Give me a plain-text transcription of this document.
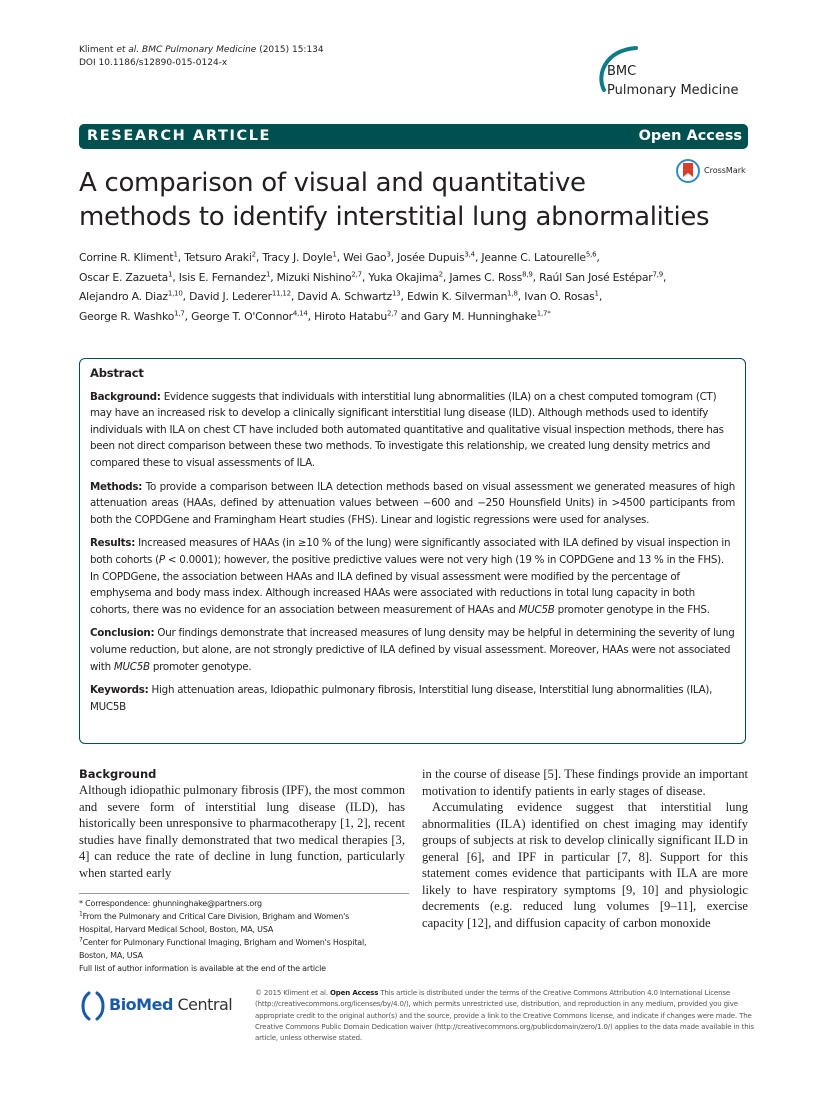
Kliment et al. BMC Pulmonary Medicine (2015) 15:134
DOI 10.1186/s12890-015-0124-x
BMC
Pulmonary Medicine
RESEARCH ARTICLE	Open Access
CrossMark
A comparison of visual and quantitative
methods to identify interstitial lung abnormalities
Corrine R. Kliment$^1$, Tetsuro Araki$^2$, Tracy J. Doyle$^1$, Wei Gao$^3$, Josée Dupuis$^{3,4}$, Jeanne C. Latourelle$^{5,6}$,
Oscar E. Zazueta$^1$, Isis E. Fernandez$^1$, Mizuki Nishino$^{2,7}$, Yuka Okajima$^2$, James C. Ross$^{8,9}$, Raúl San José Estépar$^{7,9}$,
Alejandro A. Diaz$^{1,10}$, David J. Lederer$^{11,12}$, David A. Schwartz$^{13}$, Edwin K. Silverman$^{1,8}$, Ivan O. Rosas$^1$,
George R. Washko$^{1,7}$, George T. O'Connor$^{4,14}$, Hiroto Hatabu$^{2,7}$ and Gary M. Hunninghake$^{1,7*}$
Abstract

Background: Evidence suggests that individuals with interstitial lung abnormalities (ILA) on a chest computed tomogram (CT) may have an increased risk to develop a clinically significant interstitial lung disease (ILD). Although methods used to identify individuals with ILA on chest CT have included both automated quantitative and qualitative visual inspection methods, there has been not direct comparison between these two methods. To investigate this relationship, we created lung density metrics and compared these to visual assessments of ILA.

Methods: To provide a comparison between ILA detection methods based on visual assessment we generated measures of high attenuation areas (HAAs, defined by attenuation values between −600 and −250 Hounsfield Units) in >4500 participants from both the COPDGene and Framingham Heart studies (FHS). Linear and logistic regressions were used for analyses.

Results: Increased measures of HAAs (in ≥10 % of the lung) were significantly associated with ILA defined by visual inspection in both cohorts (P < 0.0001); however, the positive predictive values were not very high (19 % in COPDGene and 13 % in the FHS). In COPDGene, the association between HAAs and ILA defined by visual assessment were modified by the percentage of emphysema and body mass index. Although increased HAAs were associated with reductions in total lung capacity in both cohorts, there was no evidence for an association between measurement of HAAs and MUC5B promoter genotype in the FHS.

Conclusion: Our findings demonstrate that increased measures of lung density may be helpful in determining the severity of lung volume reduction, but alone, are not strongly predictive of ILA defined by visual assessment. Moreover, HAAs were not associated with MUC5B promoter genotype.

Keywords: High attenuation areas, Idiopathic pulmonary fibrosis, Interstitial lung disease, Interstitial lung abnormalities (ILA), MUC5B

Background

Although idiopathic pulmonary fibrosis (IPF), the most common and severe form of interstitial lung disease (ILD), has historically been unresponsive to pharmacotherapy [1, 2], recent studies have finally demonstrated that two medical therapies [3, 4] can reduce the rate of decline in lung function, particularly when started early

in the course of disease [5]. These findings provide an important motivation to identify patients in early stages of disease.

Accumulating evidence suggest that interstitial lung abnormalities (ILA) identified on chest imaging may identify groups of subjects at risk to develop clinically significant ILD in general [6], and IPF in particular [7, 8]. Support for this statement comes evidence that participants with ILA are more likely to have respiratory symptoms [9, 10] and physiologic decrements (e.g. reduced lung volumes [9–11], exercise capacity [12], and diffusion capacity of carbon monoxide

* Correspondence: ghunninghake@partners.org
$^1$From the Pulmonary and Critical Care Division, Brigham and Women's
Hospital, Harvard Medical School, Boston, MA, USA
$^7$Center for Pulmonary Functional Imaging, Brigham and Women's Hospital,
Boston, MA, USA
Full list of author information is available at the end of the article
BioMed Central
© 2015 Kliment et al. Open Access This article is distributed under the terms of the Creative Commons Attribution 4.0 International License (http://creativecommons.org/licenses/by/4.0/), which permits unrestricted use, distribution, and reproduction in any medium, provided you give appropriate credit to the original author(s) and the source, provide a link to the Creative Commons license, and indicate if changes were made. The Creative Commons Public Domain Dedication waiver (http://creativecommons.org/publicdomain/zero/1.0/) applies to the data made available in this article, unless otherwise stated.
